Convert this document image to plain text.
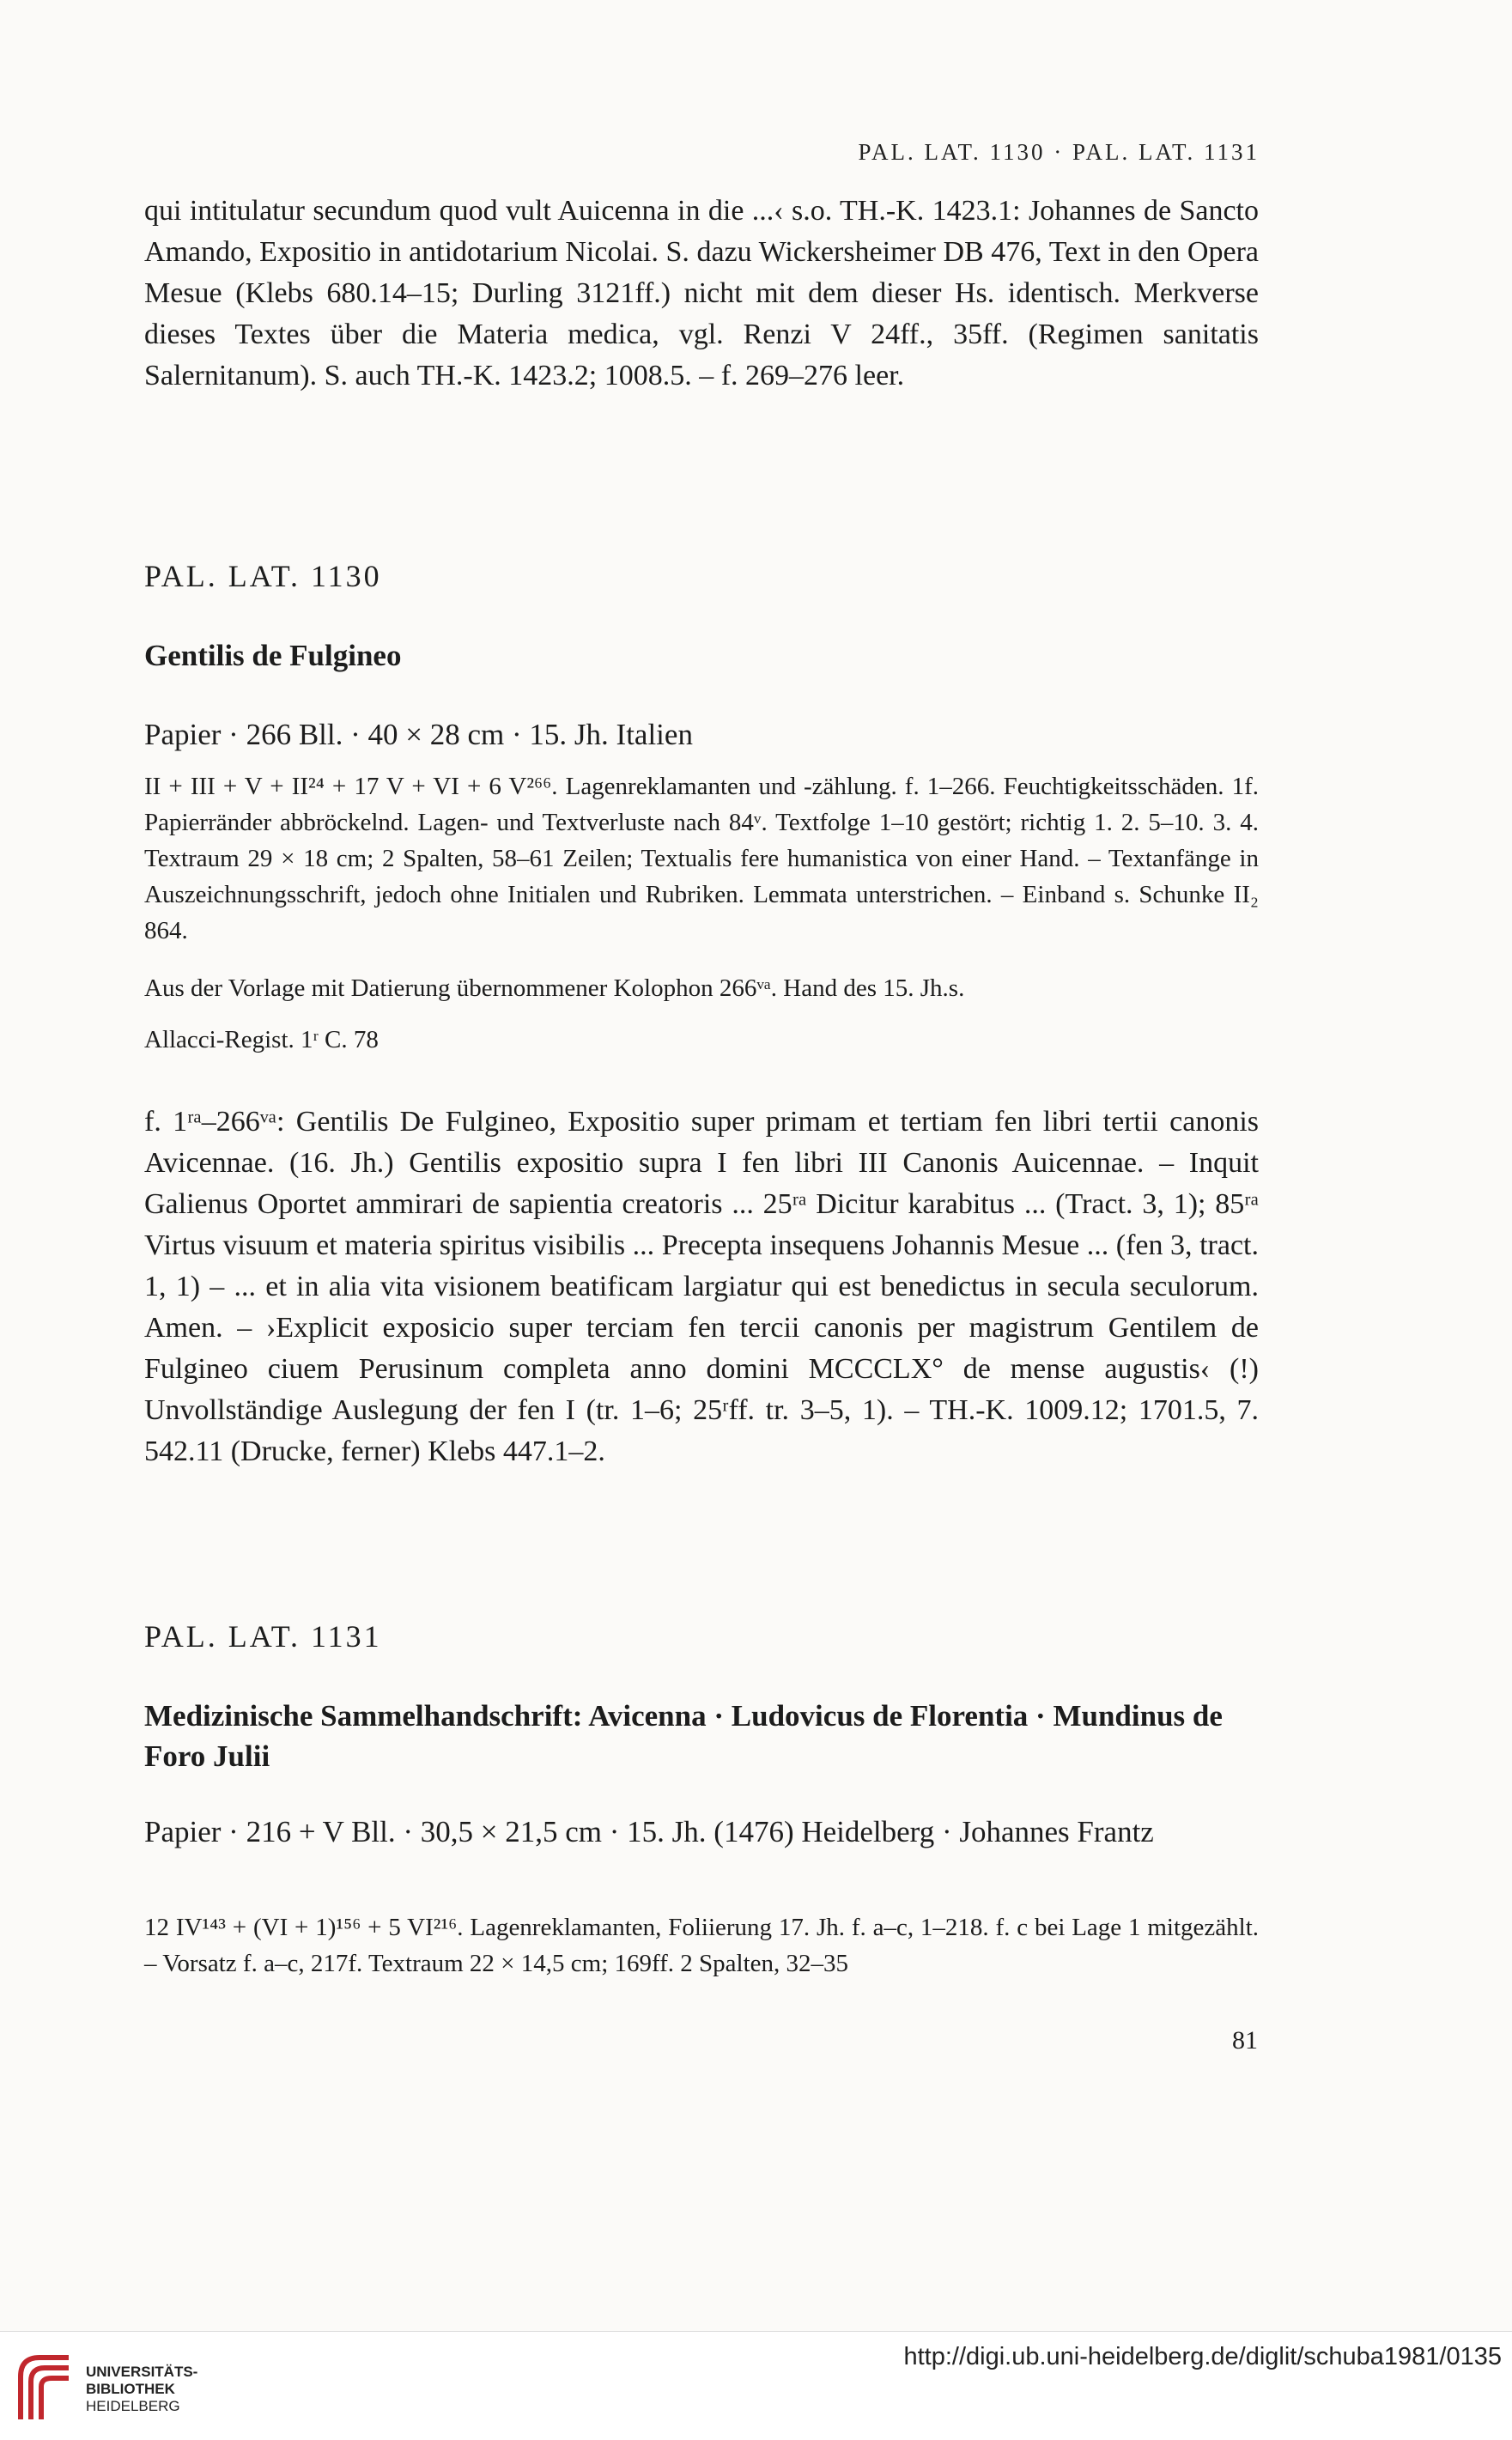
PAL. LAT. 1130 · PAL. LAT. 1131
qui intitulatur secundum quod vult Auicenna in die ...‹ s.o. TH.-K. 1423.1: Johannes de Sancto Amando, Expositio in antidotarium Nicolai. S. dazu Wickersheimer DB 476, Text in den Opera Mesue (Klebs 680.14–15; Durling 3121ff.) nicht mit dem dieser Hs. identisch. Merkverse dieses Textes über die Materia medica, vgl. Renzi V 24ff., 35ff. (Regimen sanitatis Salernitanum). S. auch TH.-K. 1423.2; 1008.5. – f. 269–276 leer.
PAL. LAT. 1130
Gentilis de Fulgineo
Papier · 266 Bll. · 40 × 28 cm · 15. Jh. Italien
II + III + V + II²⁴ + 17 V + VI + 6 V²⁶⁶. Lagenreklamanten und -zählung. f. 1–266. Feuchtigkeitsschäden. 1f. Papierränder abbröckelnd. Lagen- und Textverluste nach 84ᵛ. Textfolge 1–10 gestört; richtig 1. 2. 5–10. 3. 4. Textraum 29 × 18 cm; 2 Spalten, 58–61 Zeilen; Textualis fere humanistica von einer Hand. – Textanfänge in Auszeichnungsschrift, jedoch ohne Initialen und Rubriken. Lemmata unterstrichen. – Einband s. Schunke II₂ 864.
Aus der Vorlage mit Datierung übernommener Kolophon 266ᵛᵃ. Hand des 15. Jh.s.
Allacci-Regist. 1ʳ C. 78
f. 1ʳᵃ–266ᵛᵃ: Gentilis De Fulgineo, Expositio super primam et tertiam fen libri tertii canonis Avicennae. (16. Jh.) Gentilis expositio supra I fen libri III Canonis Auicennae. – Inquit Galienus Oportet ammirari de sapientia creatoris ... 25ʳᵃ Dicitur karabitus ... (Tract. 3, 1); 85ʳᵃ Virtus visuum et materia spiritus visibilis ... Precepta insequens Johannis Mesue ... (fen 3, tract. 1, 1) – ... et in alia vita visionem beatificam largiatur qui est benedictus in secula seculorum. Amen. – ›Explicit exposicio super terciam fen tercii canonis per magistrum Gentilem de Fulgineo ciuem Perusinum completa anno domini MCCCLX° de mense augustis‹ (!) Unvollständige Auslegung der fen I (tr. 1–6; 25ʳff. tr. 3–5, 1). – TH.-K. 1009.12; 1701.5, 7. 542.11 (Drucke, ferner) Klebs 447.1–2.
PAL. LAT. 1131
Medizinische Sammelhandschrift: Avicenna · Ludovicus de Florentia · Mundinus de Foro Julii
Papier · 216 + V Bll. · 30,5 × 21,5 cm · 15. Jh. (1476) Heidelberg · Johannes Frantz
12 IV¹⁴³ + (VI + 1)¹⁵⁶ + 5 VI²¹⁶. Lagenreklamanten, Foliierung 17. Jh. f. a–c, 1–218. f. c bei Lage 1 mitgezählt. – Vorsatz f. a–c, 217f. Textraum 22 × 14,5 cm; 169ff. 2 Spalten, 32–35
81
UNIVERSITÄTS-
BIBLIOTHEK
HEIDELBERG
http://digi.ub.uni-heidelberg.de/diglit/schuba1981/0135
